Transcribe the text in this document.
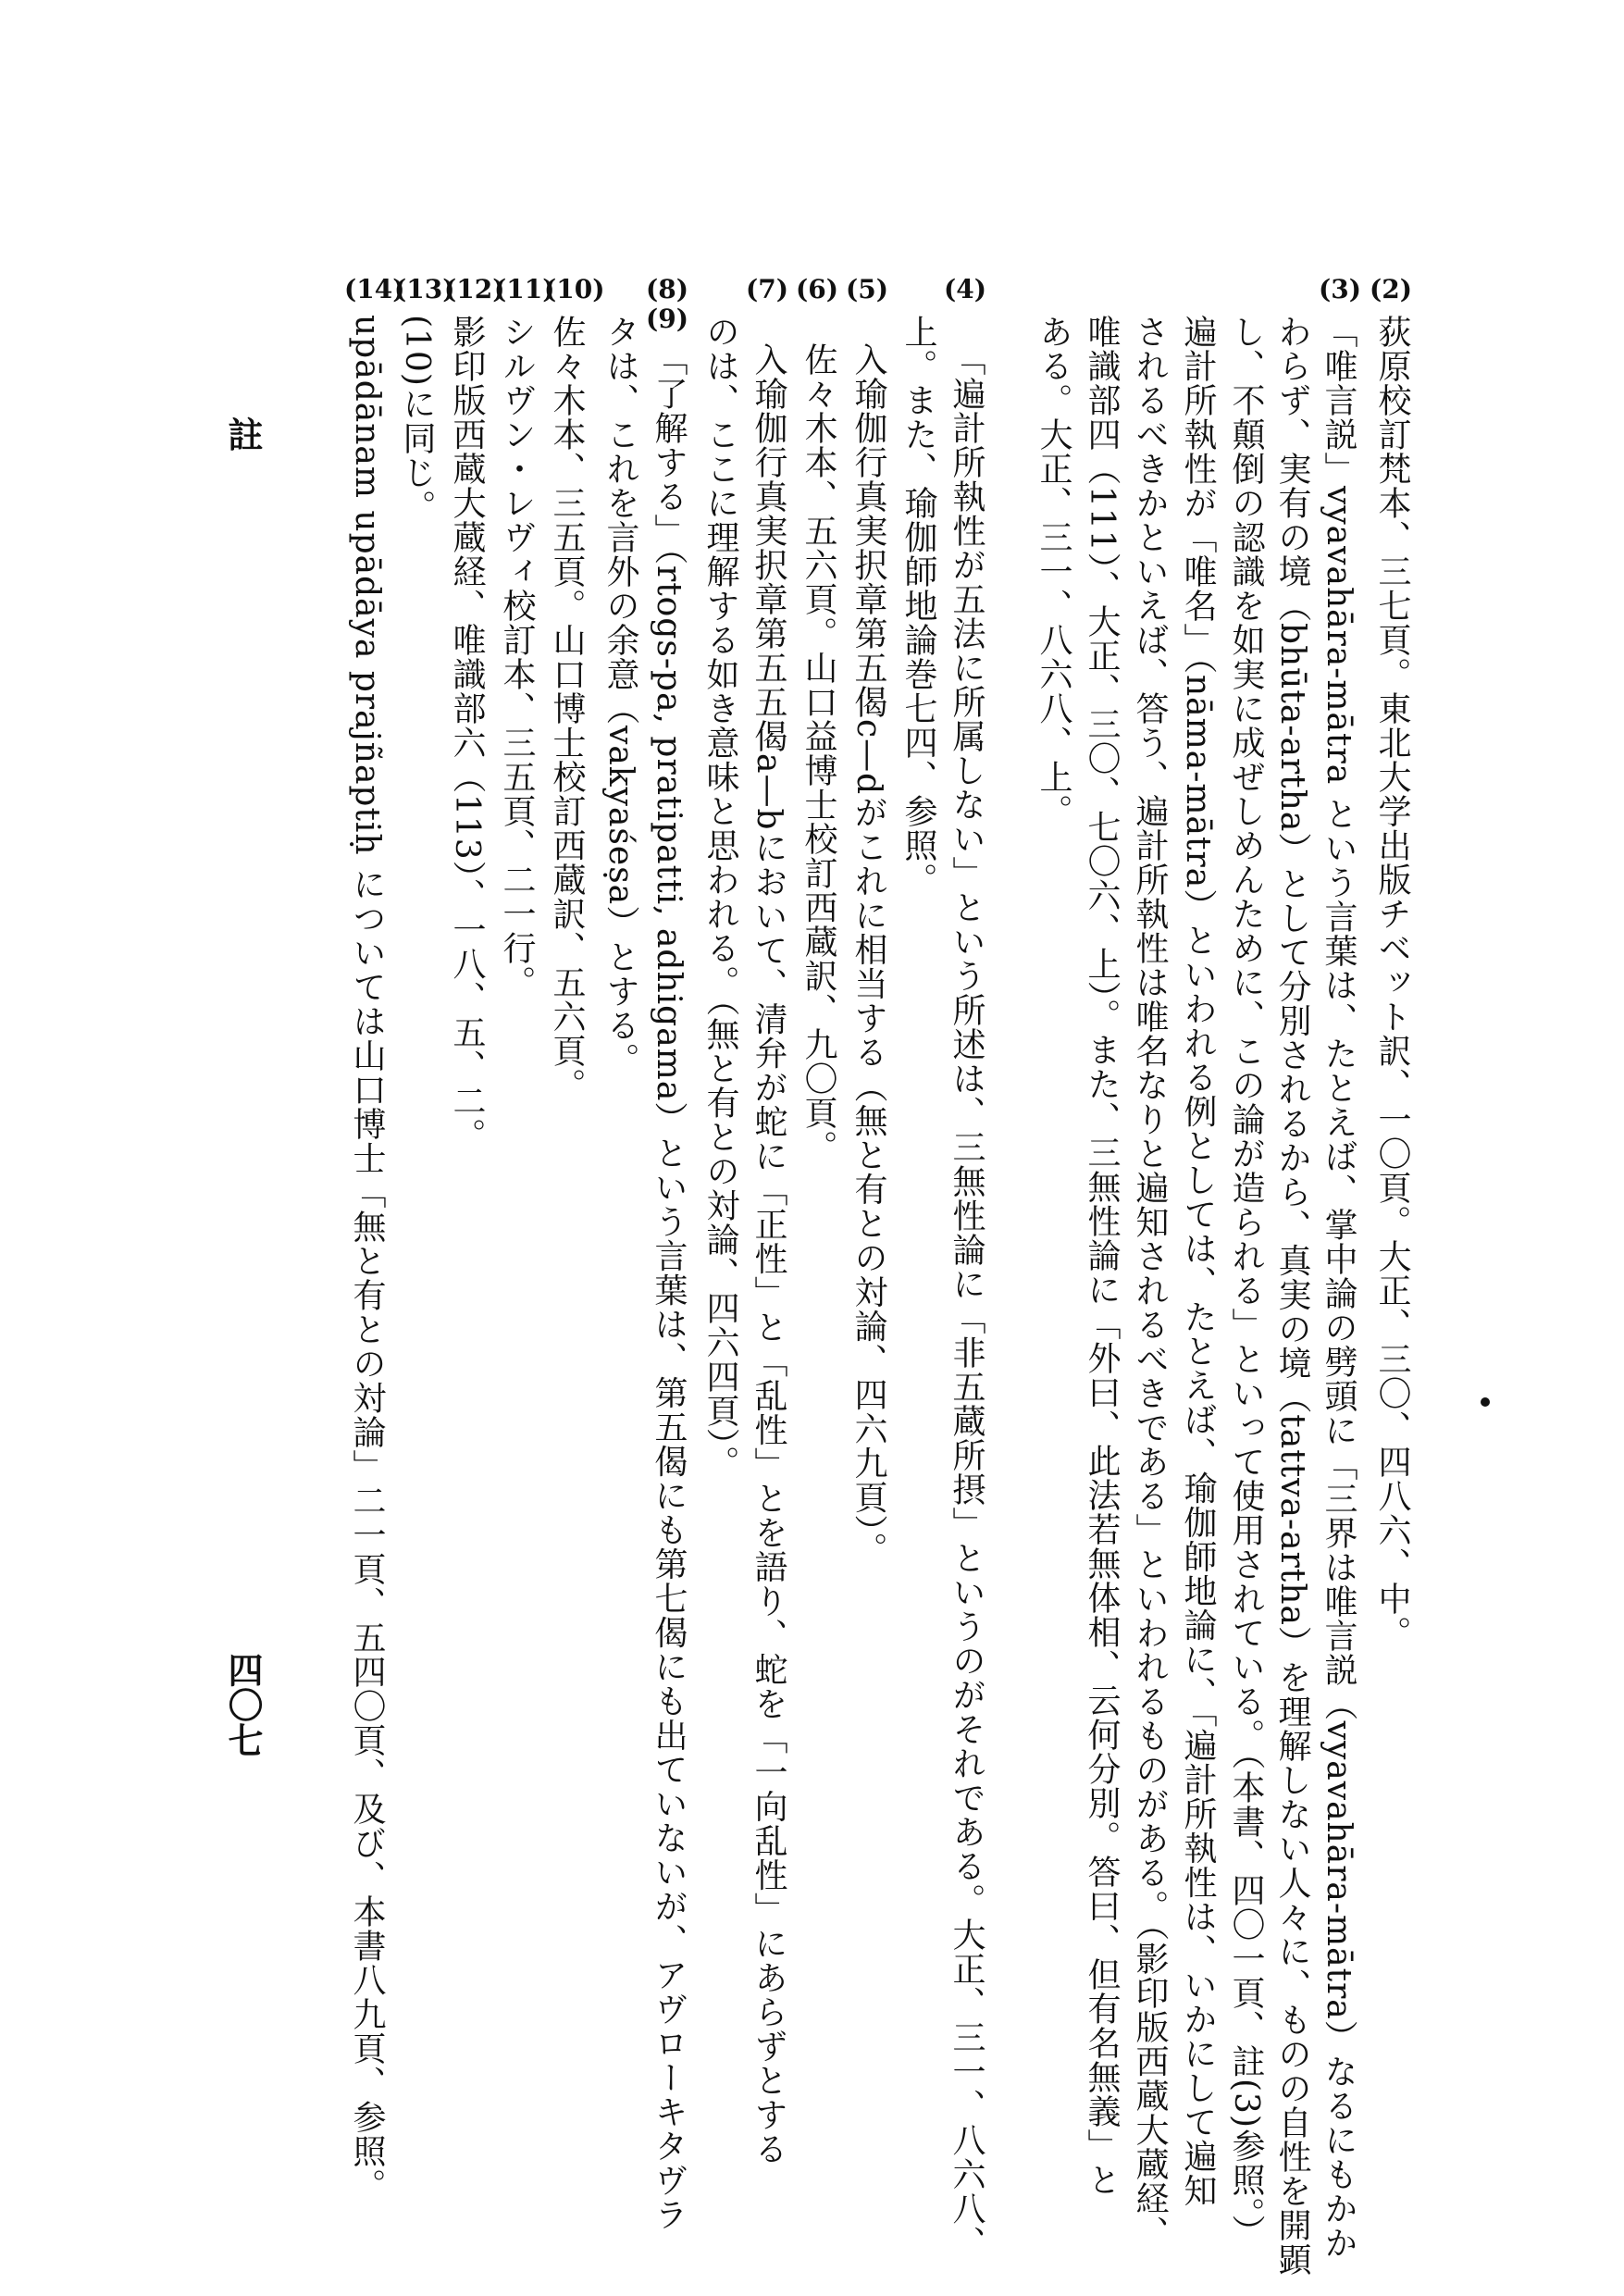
四〇七
註
(2)
荻原校訂梵本、三七頁。東北大学出版チベット訳、一〇頁。大正、三〇、四八六、中。
(3)
「唯言説」vyavahāra-mātra という言葉は、たとえば、掌中論の劈頭に「三界は唯言説（vyavahāra-mātra）なるにもかか
わらず、実有の境（bhūta-artha）として分別されるから、真実の境（tattva-artha）を理解しない人々に、ものの自性を開顕
し、不顛倒の認識を如実に成ぜしめんために、この論が造られる」といって使用されている。（本書、四〇一頁、註(3)参照。）
遍計所執性が「唯名」（nāma-mātra）といわれる例としては、たとえば、瑜伽師地論に、「遍計所執性は、いかにして遍知
されるべきかといえば、答う、遍計所執性は唯名なりと遍知されるべきである」といわれるものがある。（影印版西蔵大蔵経、
唯識部四（111）、大正、三〇、七〇六、上）。また、三無性論に「外曰、此法若無体相、云何分別。答曰、但有名無義」と
ある。大正、三一、八六八、上。
(4)
「遍計所執性が五法に所属しない」という所述は、三無性論に「非五蔵所摂」というのがそれである。大正、三一、八六八、
上。また、瑜伽師地論巻七四、参照。
(5)
入瑜伽行真実択章第五偈c—dがこれに相当する（無と有との対論、四六九頁）。
(6)
佐々木本、五六頁。山口益博士校訂西蔵訳、九〇頁。
(7)
入瑜伽行真実択章第五五偈a—bにおいて、清弁が蛇に「正性」と「乱性」とを語り、蛇を「一向乱性」にあらずとする
のは、ここに理解する如き意味と思われる。（無と有との対論、四六四頁）。
(8)
(9)
「了解する」（rtogs-pa, pratipatti, adhigama）という言葉は、第五偈にも第七偈にも出ていないが、アヴローキタヴラ
タは、これを言外の余意（vakyaśeṣa）とする。
(10)
佐々木本、三五頁。山口博士校訂西蔵訳、五六頁。
(11)
シルヴン・レヴィ校訂本、三五頁、二一行。
(12)
影印版西蔵大蔵経、唯識部六（113）、一八、五、二。
(13)
(10)に同じ。
(14)
upādānam upādāya prajñaptiḥ については山口博士「無と有との対論」二一頁、五四〇頁、及び、本書八九頁、参照。
